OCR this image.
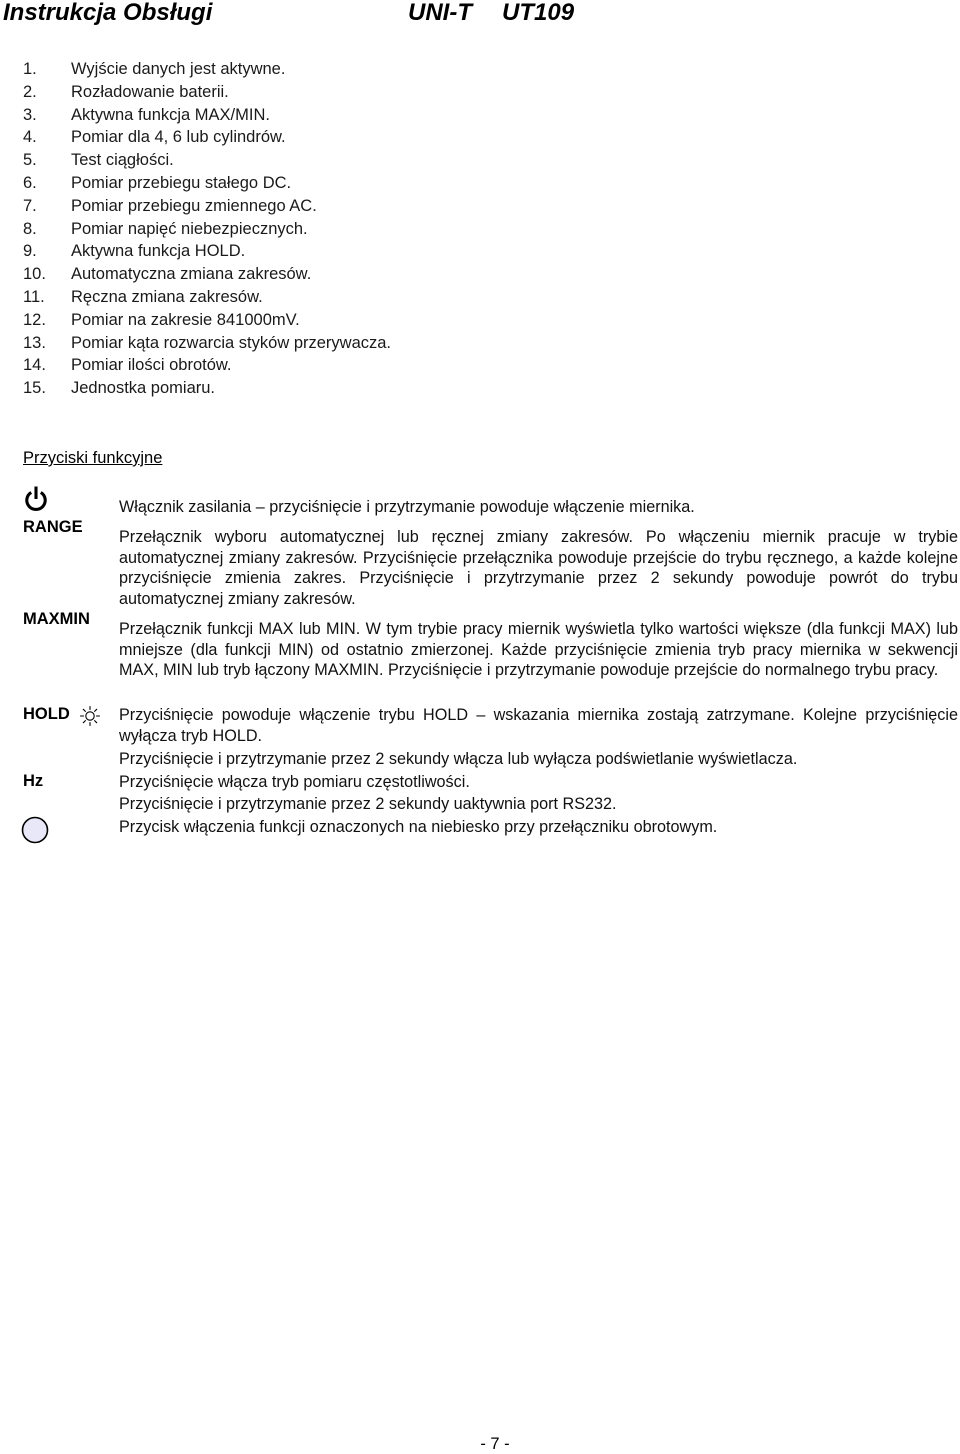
Instrukcja Obsługi	UNI-T UT109
1. Wyjście danych jest aktywne.
2. Rozładowanie baterii.
3. Aktywna funkcja MAX/MIN.
4. Pomiar dla 4, 6 lub cylindrów.
5. Test ciągłości.
6. Pomiar przebiegu stałego DC.
7. Pomiar przebiegu zmiennego AC.
8. Pomiar napięć niebezpiecznych.
9. Aktywna funkcja HOLD.
10. Automatyczna zmiana zakresów.
11. Ręczna zmiana zakresów.
12. Pomiar na zakresie 841000mV.
13. Pomiar kąta rozwarcia styków przerywacza.
14. Pomiar ilości obrotów.
15. Jednostka pomiaru.
Przyciski funkcyjne
RANGE
MAXMIN
HOLD
Hz

Włącznik zasilania – przyciśnięcie i przytrzymanie powoduje włączenie miernika.

Przełącznik wyboru automatycznej lub ręcznej zmiany zakresów. Po włączeniu miernik pracuje w trybie automatycznej zmiany zakresów. Przyciśnięcie przełącznika powoduje przejście do trybu ręcznego, a każde kolejne przyciśnięcie zmienia zakres. Przyciśnięcie i przytrzymanie przez 2 sekundy powoduje powrót do trybu automatycznej zmiany zakresów.

Przełącznik funkcji MAX lub MIN. W tym trybie pracy miernik wyświetla tylko wartości większe (dla funkcji MAX) lub mniejsze (dla funkcji MIN) od ostatnio zmierzonej. Każde przyciśnięcie zmienia tryb pracy miernika w sekwencji MAX, MIN lub tryb łączony MAXMIN. Przyciśnięcie i przytrzymanie powoduje przejście do normalnego trybu pracy.

Przyciśnięcie powoduje włączenie trybu HOLD – wskazania miernika zostają zatrzymane. Kolejne przyciśnięcie wyłącza tryb HOLD.

Przyciśnięcie i przytrzymanie przez 2 sekundy włącza lub wyłącza podświetlanie wyświetlacza.

Przyciśnięcie włącza tryb pomiaru częstotliwości.

Przyciśnięcie i przytrzymanie przez 2 sekundy uaktywnia port RS232.

Przycisk włączenia funkcji oznaczonych na niebiesko przy przełączniku obrotowym.

- 7 -
